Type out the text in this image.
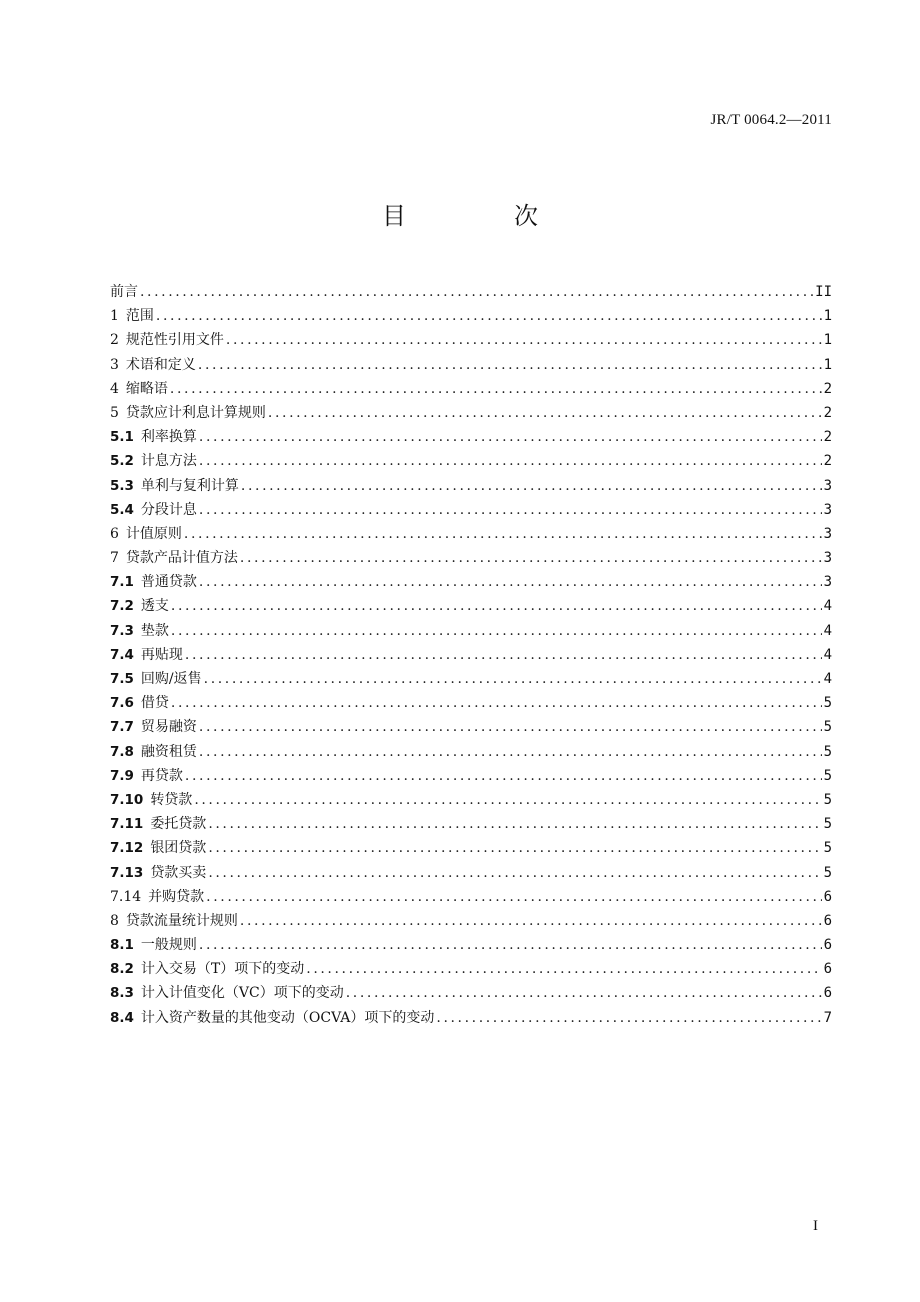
JR/T 0064.2—2011
目　次
前言 .....	II
1 范围 .....	1
2 规范性引用文件 .....	1
3 术语和定义 .....	1
4 缩略语 .....	2
5 贷款应计利息计算规则 .....	2
5.1 利率换算 .....	2
5.2 计息方法 .....	2
5.3 单利与复利计算 .....	3
5.4 分段计息 .....	3
6 计值原则 .....	3
7 贷款产品计值方法 .....	3
7.1 普通贷款 .....	3
7.2 透支 .....	4
7.3 垫款 .....	4
7.4 再贴现 .....	4
7.5 回购/返售 .....	4
7.6 借贷 .....	5
7.7 贸易融资 .....	5
7.8 融资租赁 .....	5
7.9 再贷款 .....	5
7.10 转贷款 .....	5
7.11 委托贷款 .....	5
7.12 银团贷款 .....	5
7.13 贷款买卖 .....	5
7.14 并购贷款 .....	6
8 贷款流量统计规则 .....	6
8.1 一般规则 .....	6
8.2 计入交易（T）项下的变动 .....	6
8.3 计入计值变化（VC）项下的变动 .....	6
8.4 计入资产数量的其他变动（OCVA）项下的变动 .....	7
I
